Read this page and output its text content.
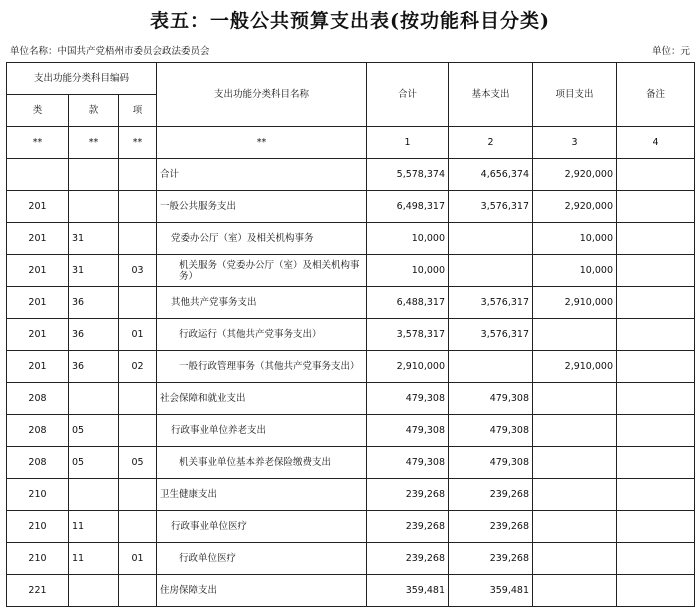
表五：一般公共预算支出表(按功能科目分类)
单位名称：中国共产党梧州市委员会政法委员会	单位：元
支出功能分类科目编码			支出功能分类科目名称	合计	基本支出	项目支出	备注
类	款	项					
**	**	**	**	1	2	3	4
			合计	5,578,374	4,656,374	2,920,000	
201			一般公共服务支出	6,498,317	3,576,317	2,920,000	
201	31		党委办公厅（室）及相关机构事务	10,000		10,000	
201	31	03	机关服务（党委办公厅（室）及相关机构事务）	10,000		10,000	
201	36		其他共产党事务支出	6,488,317	3,576,317	2,910,000	
201	36	01	行政运行（其他共产党事务支出）	3,578,317	3,576,317		
201	36	02	一般行政管理事务（其他共产党事务支出）	2,910,000		2,910,000	
208			社会保障和就业支出	479,308	479,308		
208	05		行政事业单位养老支出	479,308	479,308		
208	05	05	机关事业单位基本养老保险缴费支出	479,308	479,308		
210			卫生健康支出	239,268	239,268		
210	11		行政事业单位医疗	239,268	239,268		
210	11	01	行政单位医疗	239,268	239,268		
221			住房保障支出	359,481	359,481		
